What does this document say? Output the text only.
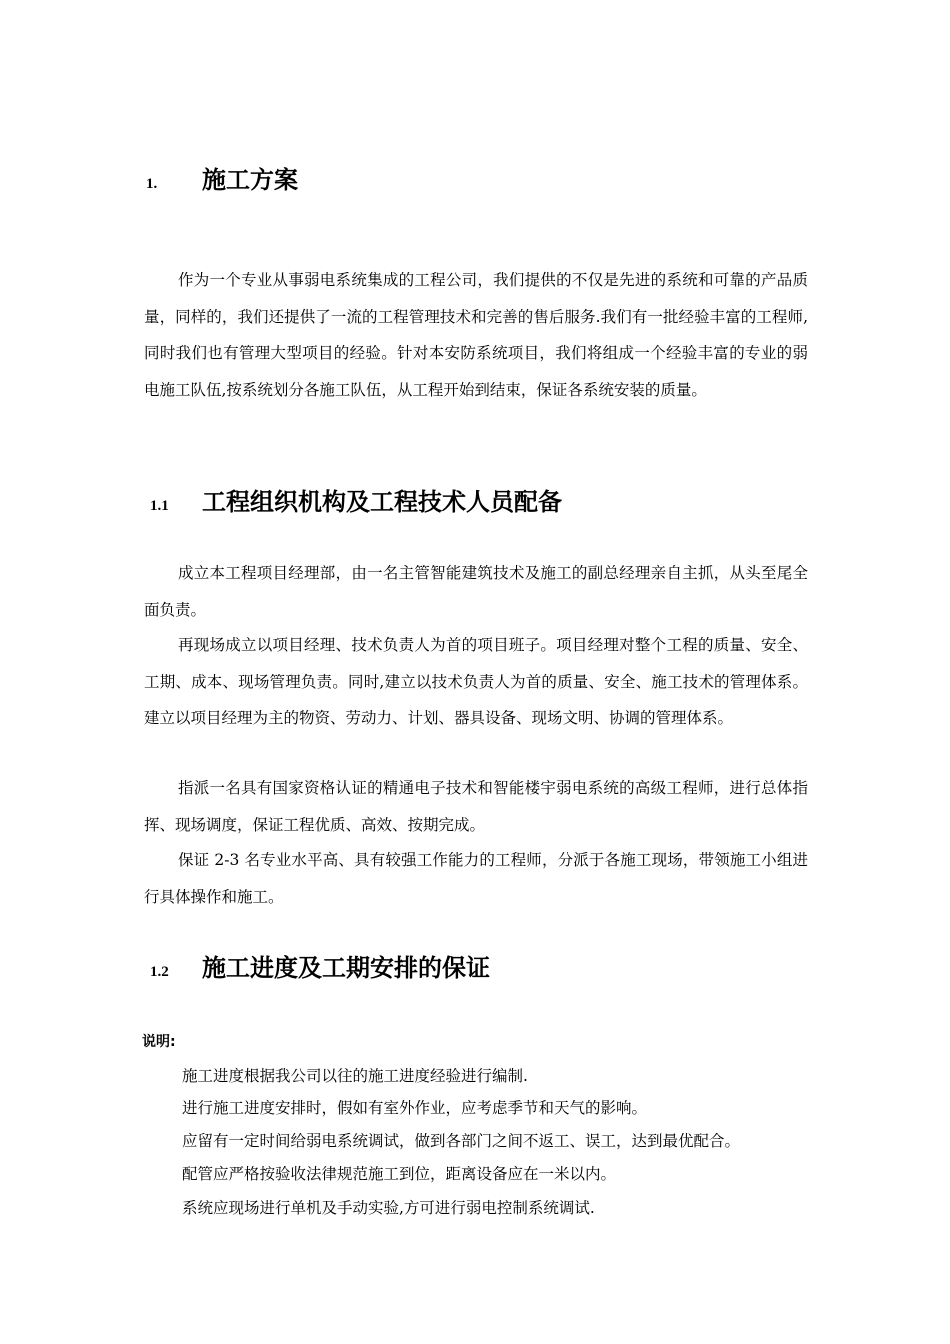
1.	施工方案

作为一个专业从事弱电系统集成的工程公司，我们提供的不仅是先进的系统和可靠的产品质量，同样的，我们还提供了一流的工程管理技术和完善的售后服务.我们有一批经验丰富的工程师,同时我们也有管理大型项目的经验。针对本安防系统项目，我们将组成一个经验丰富的专业的弱电施工队伍,按系统划分各施工队伍，从工程开始到结束，保证各系统安装的质量。

1.1	工程组织机构及工程技术人员配备

成立本工程项目经理部，由一名主管智能建筑技术及施工的副总经理亲自主抓，从头至尾全面负责。

再现场成立以项目经理、技术负责人为首的项目班子。项目经理对整个工程的质量、安全、工期、成本、现场管理负责。同时,建立以技术负责人为首的质量、安全、施工技术的管理体系。建立以项目经理为主的物资、劳动力、计划、器具设备、现场文明、协调的管理体系。

指派一名具有国家资格认证的精通电子技术和智能楼宇弱电系统的高级工程师，进行总体指挥、现场调度，保证工程优质、高效、按期完成。

保证 2-3 名专业水平高、具有较强工作能力的工程师，分派于各施工现场，带领施工小组进行具体操作和施工。

1.2	施工进度及工期安排的保证

说明:

施工进度根据我公司以往的施工进度经验进行编制.

进行施工进度安排时，假如有室外作业，应考虑季节和天气的影响。

应留有一定时间给弱电系统调试，做到各部门之间不返工、误工，达到最优配合。

配管应严格按验收法律规范施工到位，距离设备应在一米以内。

系统应现场进行单机及手动实验,方可进行弱电控制系统调试.
